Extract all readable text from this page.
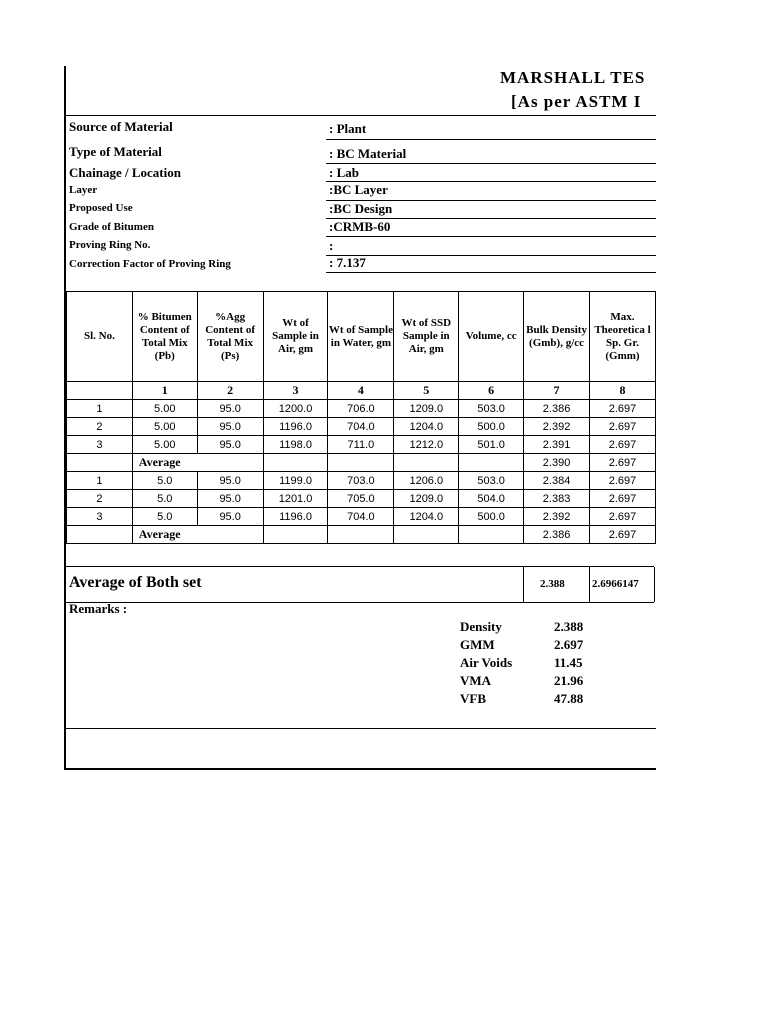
MARSHALL TES
[As per ASTM I
Source of Material	: Plant
Type of Material	: BC Material
Chainage / Location	: Lab
Layer	:BC Layer
Proposed Use	:BC Design
Grade of Bitumen	:CRMB-60
Proving Ring No.	:
Correction Factor of Proving Ring	: 7.137
Sl. No.	% Bitumen Content of Total Mix (Pb)	%Agg Content of Total Mix (Ps)	Wt of Sample in Air, gm	Wt of Sample in Water, gm	Wt of SSD Sample in Air, gm	Volume, cc	Bulk Density (Gmb), g/cc	Max. Theoretica l Sp. Gr. (Gmm)
	1	2	3	4	5	6	7	8
1	5.00	95.0	1200.0	706.0	1209.0	503.0	2.386	2.697
2	5.00	95.0	1196.0	704.0	1204.0	500.0	2.392	2.697
3	5.00	95.0	1198.0	711.0	1212.0	501.0	2.391	2.697
	Average						2.390	2.697
1	5.0	95.0	1199.0	703.0	1206.0	503.0	2.384	2.697
2	5.0	95.0	1201.0	705.0	1209.0	504.0	2.383	2.697
3	5.0	95.0	1196.0	704.0	1204.0	500.0	2.392	2.697
	Average						2.386	2.697
Average of Both set	2.388 2.6966147
Remarks :
Density	2.388
GMM	2.697
Air Voids	11.45
VMA	21.96
VFB	47.88
